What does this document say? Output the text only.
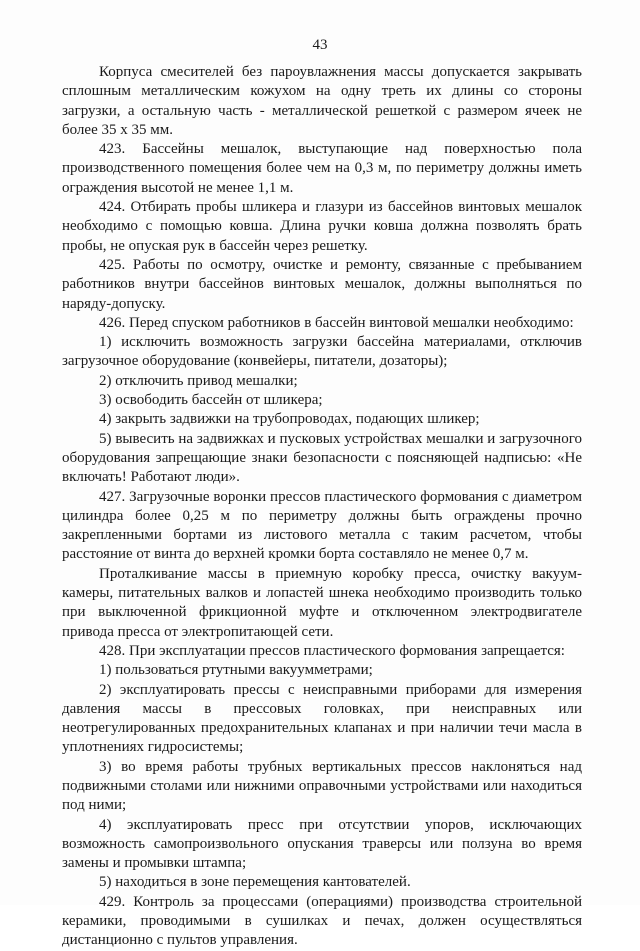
43

Корпуса смесителей без пароувлажнения массы допускается закрывать сплошным металлическим кожухом на одну треть их длины со стороны загрузки, а остальную часть - металлической решеткой с размером ячеек не более 35 х 35 мм.

423. Бассейны мешалок, выступающие над поверхностью пола производственного помещения более чем на 0,3 м, по периметру должны иметь ограждения высотой не менее 1,1 м.

424. Отбирать пробы шликера и глазури из бассейнов винтовых мешалок необходимо с помощью ковша. Длина ручки ковша должна позволять брать пробы, не опуская рук в бассейн через решетку.

425. Работы по осмотру, очистке и ремонту, связанные с пребыванием работников внутри бассейнов винтовых мешалок, должны выполняться по наряду-допуску.

426. Перед спуском работников в бассейн винтовой мешалки необходимо:

1) исключить возможность загрузки бассейна материалами, отключив загрузочное оборудование (конвейеры, питатели, дозаторы);

2) отключить привод мешалки;

3) освободить бассейн от шликера;

4) закрыть задвижки на трубопроводах, подающих шликер;

5) вывесить на задвижках и пусковых устройствах мешалки и загрузочного оборудования запрещающие знаки безопасности с поясняющей надписью: «Не включать! Работают люди».

427. Загрузочные воронки прессов пластического формования с диаметром цилиндра более 0,25 м по периметру должны быть ограждены прочно закрепленными бортами из листового металла с таким расчетом, чтобы расстояние от винта до верхней кромки борта составляло не менее 0,7 м.

Проталкивание массы в приемную коробку пресса, очистку вакуум-камеры, питательных валков и лопастей шнека необходимо производить только при выключенной фрикционной муфте и отключенном электродвигателе привода пресса от электропитающей сети.

428. При эксплуатации прессов пластического формования запрещается:

1) пользоваться ртутными вакуумметрами;

2) эксплуатировать прессы с неисправными приборами для измерения давления массы в прессовых головках, при неисправных или неотрегулированных предохранительных клапанах и при наличии течи масла в уплотнениях гидросистемы;

3) во время работы трубных вертикальных прессов наклоняться над подвижными столами или нижними оправочными устройствами или находиться под ними;

4) эксплуатировать пресс при отсутствии упоров, исключающих возможность самопроизвольного опускания траверсы или ползуна во время замены и промывки штампа;

5) находиться в зоне перемещения кантователей.

429. Контроль за процессами (операциями) производства строительной керамики, проводимыми в сушилках и печах, должен осуществляться дистанционно с пультов управления.
